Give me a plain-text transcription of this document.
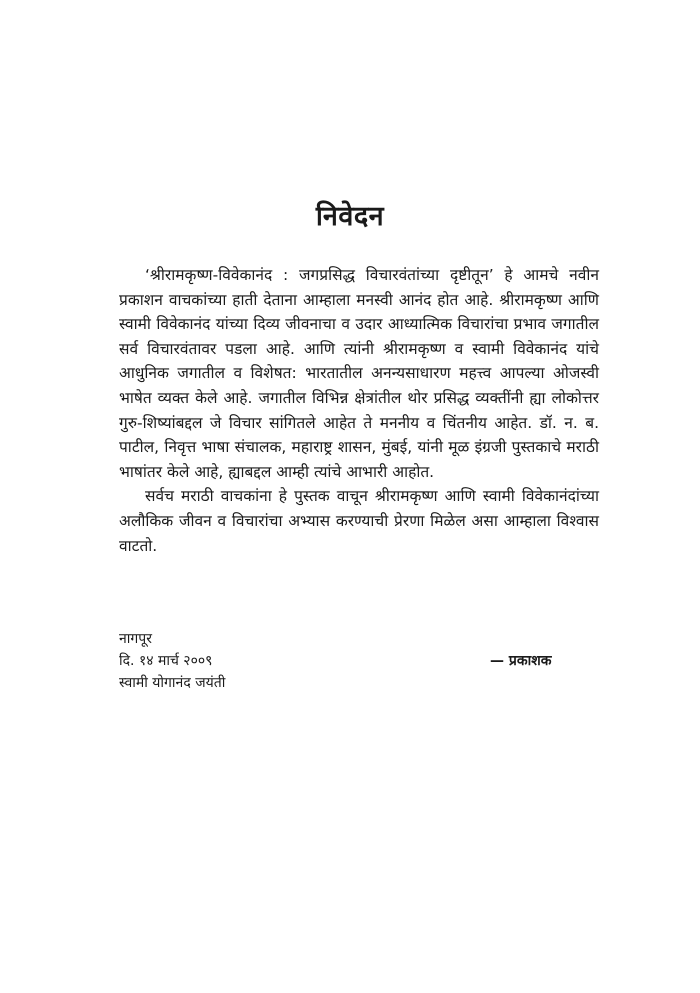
निवेदन

‘श्रीरामकृष्ण-विवेकानंद : जगप्रसिद्ध विचारवंतांच्या दृष्टीतून’ हे आमचे नवीन प्रकाशन वाचकांच्या हाती देताना आम्हाला मनस्वी आनंद होत आहे. श्रीरामकृष्ण आणि स्वामी विवेकानंद यांच्या दिव्य जीवनाचा व उदार आध्यात्मिक विचारांचा प्रभाव जगातील सर्व विचारवंतावर पडला आहे. आणि त्यांनी श्रीरामकृष्ण व स्वामी विवेकानंद यांचे आधुनिक जगातील व विशेषत: भारतातील अनन्यसाधारण महत्त्व आपल्या ओजस्वी भाषेत व्यक्त केले आहे. जगातील विभिन्न क्षेत्रांतील थोर प्रसिद्ध व्यक्तींनी ह्या लोकोत्तर गुरु-शिष्यांबद्दल जे विचार सांगितले आहेत ते मननीय व चिंतनीय आहेत. डॉ. न. ब. पाटील, निवृत्त भाषा संचालक, महाराष्ट्र शासन, मुंबई, यांनी मूळ इंग्रजी पुस्तकाचे मराठी भाषांतर केले आहे, ह्याबद्दल आम्ही त्यांचे आभारी आहोत.

सर्वच मराठी वाचकांना हे पुस्तक वाचून श्रीरामकृष्ण आणि स्वामी विवेकानंदांच्या अलौकिक जीवन व विचारांचा अभ्यास करण्याची प्रेरणा मिळेल असा आम्हाला विश्वास वाटतो.

नागपूर
दि. १४ मार्च २००९
स्वामी योगानंद जयंती
— प्रकाशक
